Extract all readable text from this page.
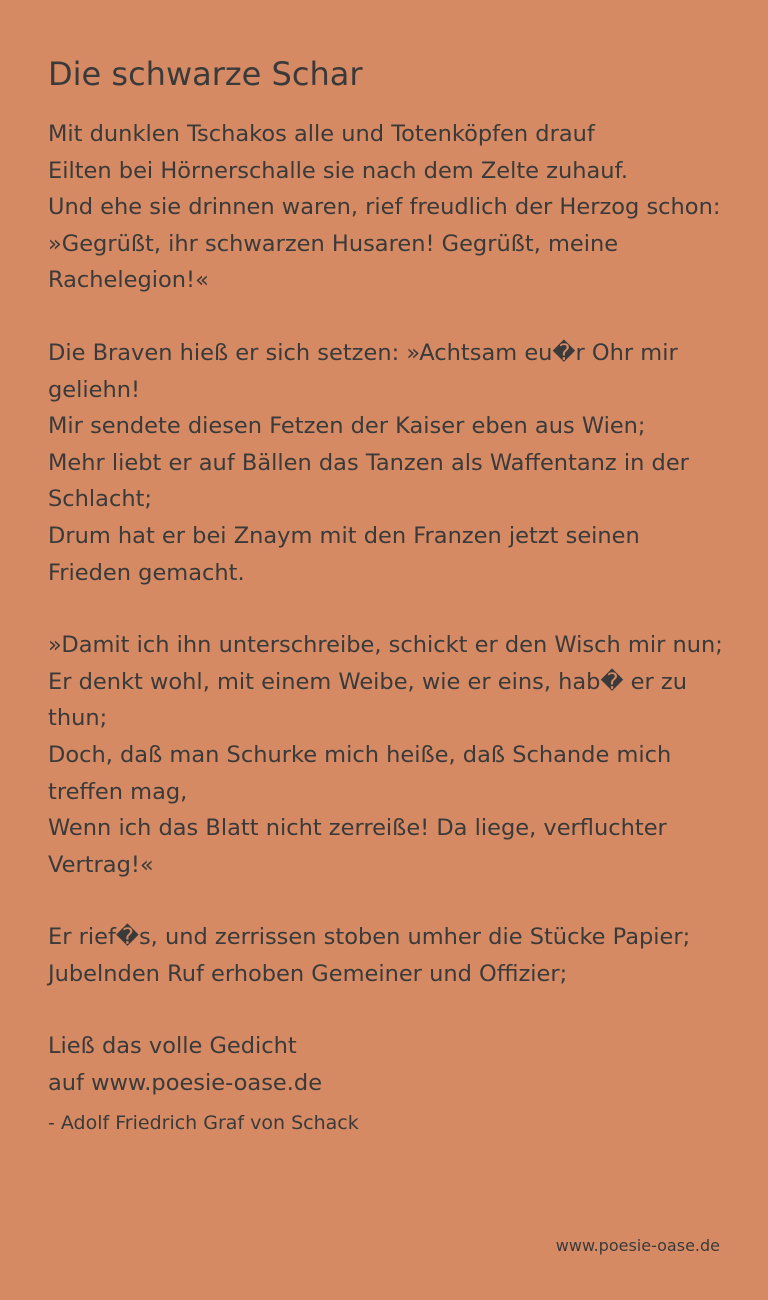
Die schwarze Schar
Mit dunklen Tschakos alle und Totenköpfen drauf
Eilten bei Hörnerschalle sie nach dem Zelte zuhauf.
Und ehe sie drinnen waren, rief freudlich der Herzog schon:
»Gegrüßt, ihr schwarzen Husaren! Gegrüßt, meine Rachelegion!«
Die Braven hieß er sich setzen: »Achtsam eu�r Ohr mir geliehn!
Mir sendete diesen Fetzen der Kaiser eben aus Wien;
Mehr liebt er auf Bällen das Tanzen als Waffentanz in der Schlacht;
Drum hat er bei Znaym mit den Franzen jetzt seinen Frieden gemacht.
»Damit ich ihn unterschreibe, schickt er den Wisch mir nun;
Er denkt wohl, mit einem Weibe, wie er eins, hab� er zu thun;
Doch, daß man Schurke mich heiße, daß Schande mich treffen mag,
Wenn ich das Blatt nicht zerreiße! Da liege, verfluchter Vertrag!«
Er rief�s, und zerrissen stoben umher die Stücke Papier;
Jubelnden Ruf erhoben Gemeiner und Offizier;
Ließ das volle Gedicht
auf www.poesie-oase.de
- Adolf Friedrich Graf von Schack
www.poesie-oase.de
